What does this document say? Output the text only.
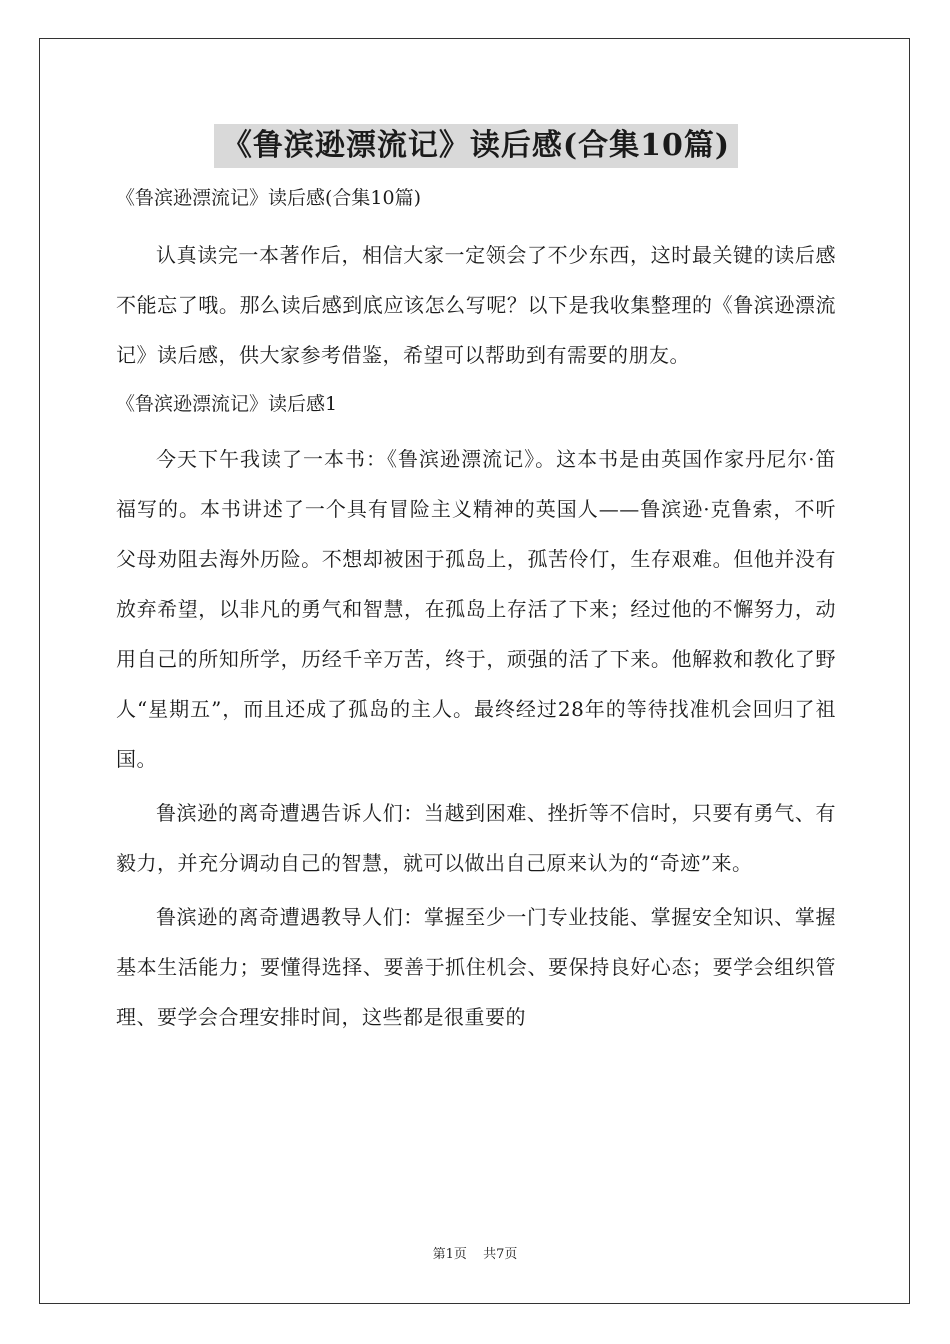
《鲁滨逊漂流记》读后感(合集10篇)

《鲁滨逊漂流记》读后感(合集10篇)

认真读完一本著作后，相信大家一定领会了不少东西，这时最关键的读后感不能忘了哦。那么读后感到底应该怎么写呢？以下是我收集整理的《鲁滨逊漂流记》读后感，供大家参考借鉴，希望可以帮助到有需要的朋友。

《鲁滨逊漂流记》读后感1

今天下午我读了一本书：《鲁滨逊漂流记》。这本书是由英国作家丹尼尔·笛福写的。本书讲述了一个具有冒险主义精神的英国人——鲁滨逊·克鲁索，不听父母劝阻去海外历险。不想却被困于孤岛上，孤苦伶仃，生存艰难。但他并没有放弃希望，以非凡的勇气和智慧，在孤岛上存活了下来；经过他的不懈努力，动用自己的所知所学，历经千辛万苦，终于，顽强的活了下来。他解救和教化了野人“星期五”，而且还成了孤岛的主人。最终经过28年的等待找准机会回归了祖国。

鲁滨逊的离奇遭遇告诉人们：当越到困难、挫折等不信时，只要有勇气、有毅力，并充分调动自己的智慧，就可以做出自己原来认为的“奇迹”来。

鲁滨逊的离奇遭遇教导人们：掌握至少一门专业技能、掌握安全知识、掌握基本生活能力；要懂得选择、要善于抓住机会、要保持良好心态；要学会组织管理、要学会合理安排时间，这些都是很重要的

第1页 共7页
